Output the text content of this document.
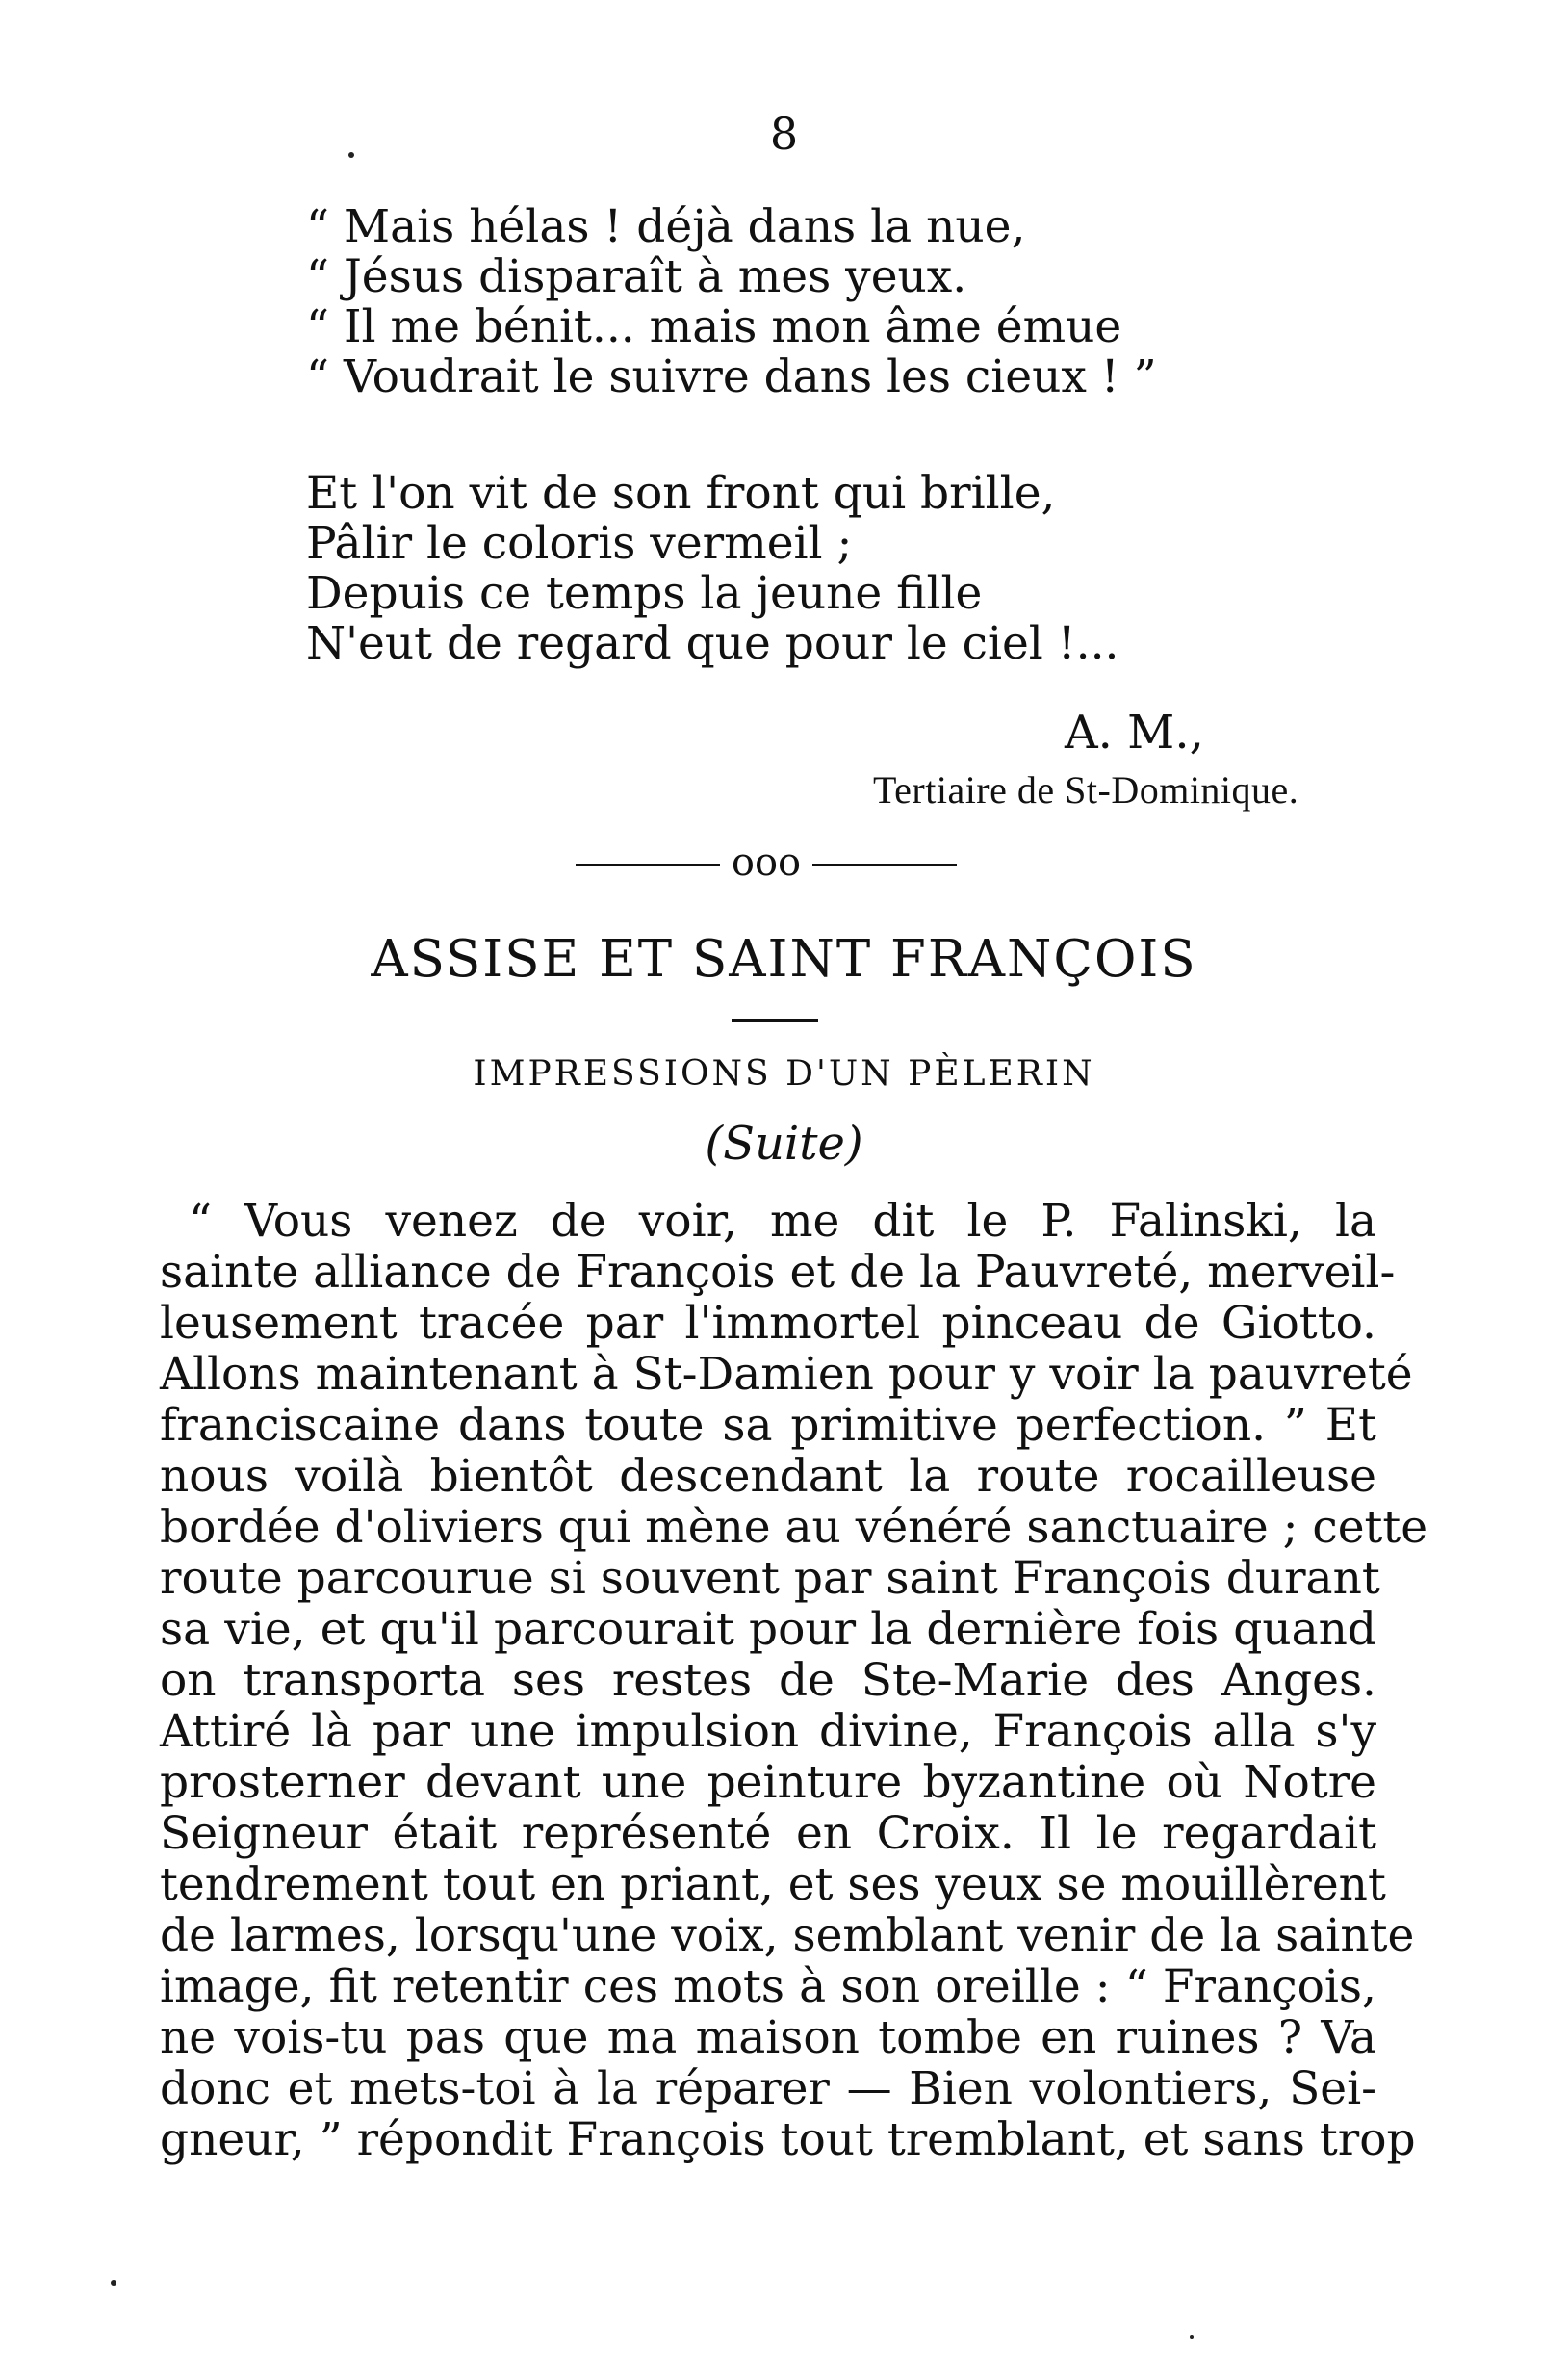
8
“ Mais hélas ! déjà dans la nue,
“ Jésus disparaît à mes yeux.
“ Il me bénit... mais mon âme émue
“ Voudrait le suivre dans les cieux ! ”
Et l'on vit de son front qui brille,
Pâlir le coloris vermeil ;
Depuis ce temps la jeune fille
N'eut de regard que pour le ciel !...
A. M.,
Tertiaire de St-Dominique.
ooo
ASSISE ET SAINT FRANÇOIS
IMPRESSIONS D'UN PÈLERIN
(Suite)
“ Vous venez de voir, me dit le P. Falinski, la
sainte alliance de François et de la Pauvreté, merveil-
leusement tracée par l'immortel pinceau de Giotto.
Allons maintenant à St-Damien pour y voir la pauvreté
franciscaine dans toute sa primitive perfection. ” Et
nous voilà bientôt descendant la route rocailleuse
bordée d'oliviers qui mène au vénéré sanctuaire ; cette
route parcourue si souvent par saint François durant
sa vie, et qu'il parcourait pour la dernière fois quand
on transporta ses restes de Ste-Marie des Anges.
Attiré là par une impulsion divine, François alla s'y
prosterner devant une peinture byzantine où Notre
Seigneur était représenté en Croix. Il le regardait
tendrement tout en priant, et ses yeux se mouillèrent
de larmes, lorsqu'une voix, semblant venir de la sainte
image, fit retentir ces mots à son oreille : “ François,
ne vois-tu pas que ma maison tombe en ruines ? Va
donc et mets-toi à la réparer — Bien volontiers, Sei-
gneur, ” répondit François tout tremblant, et sans trop
